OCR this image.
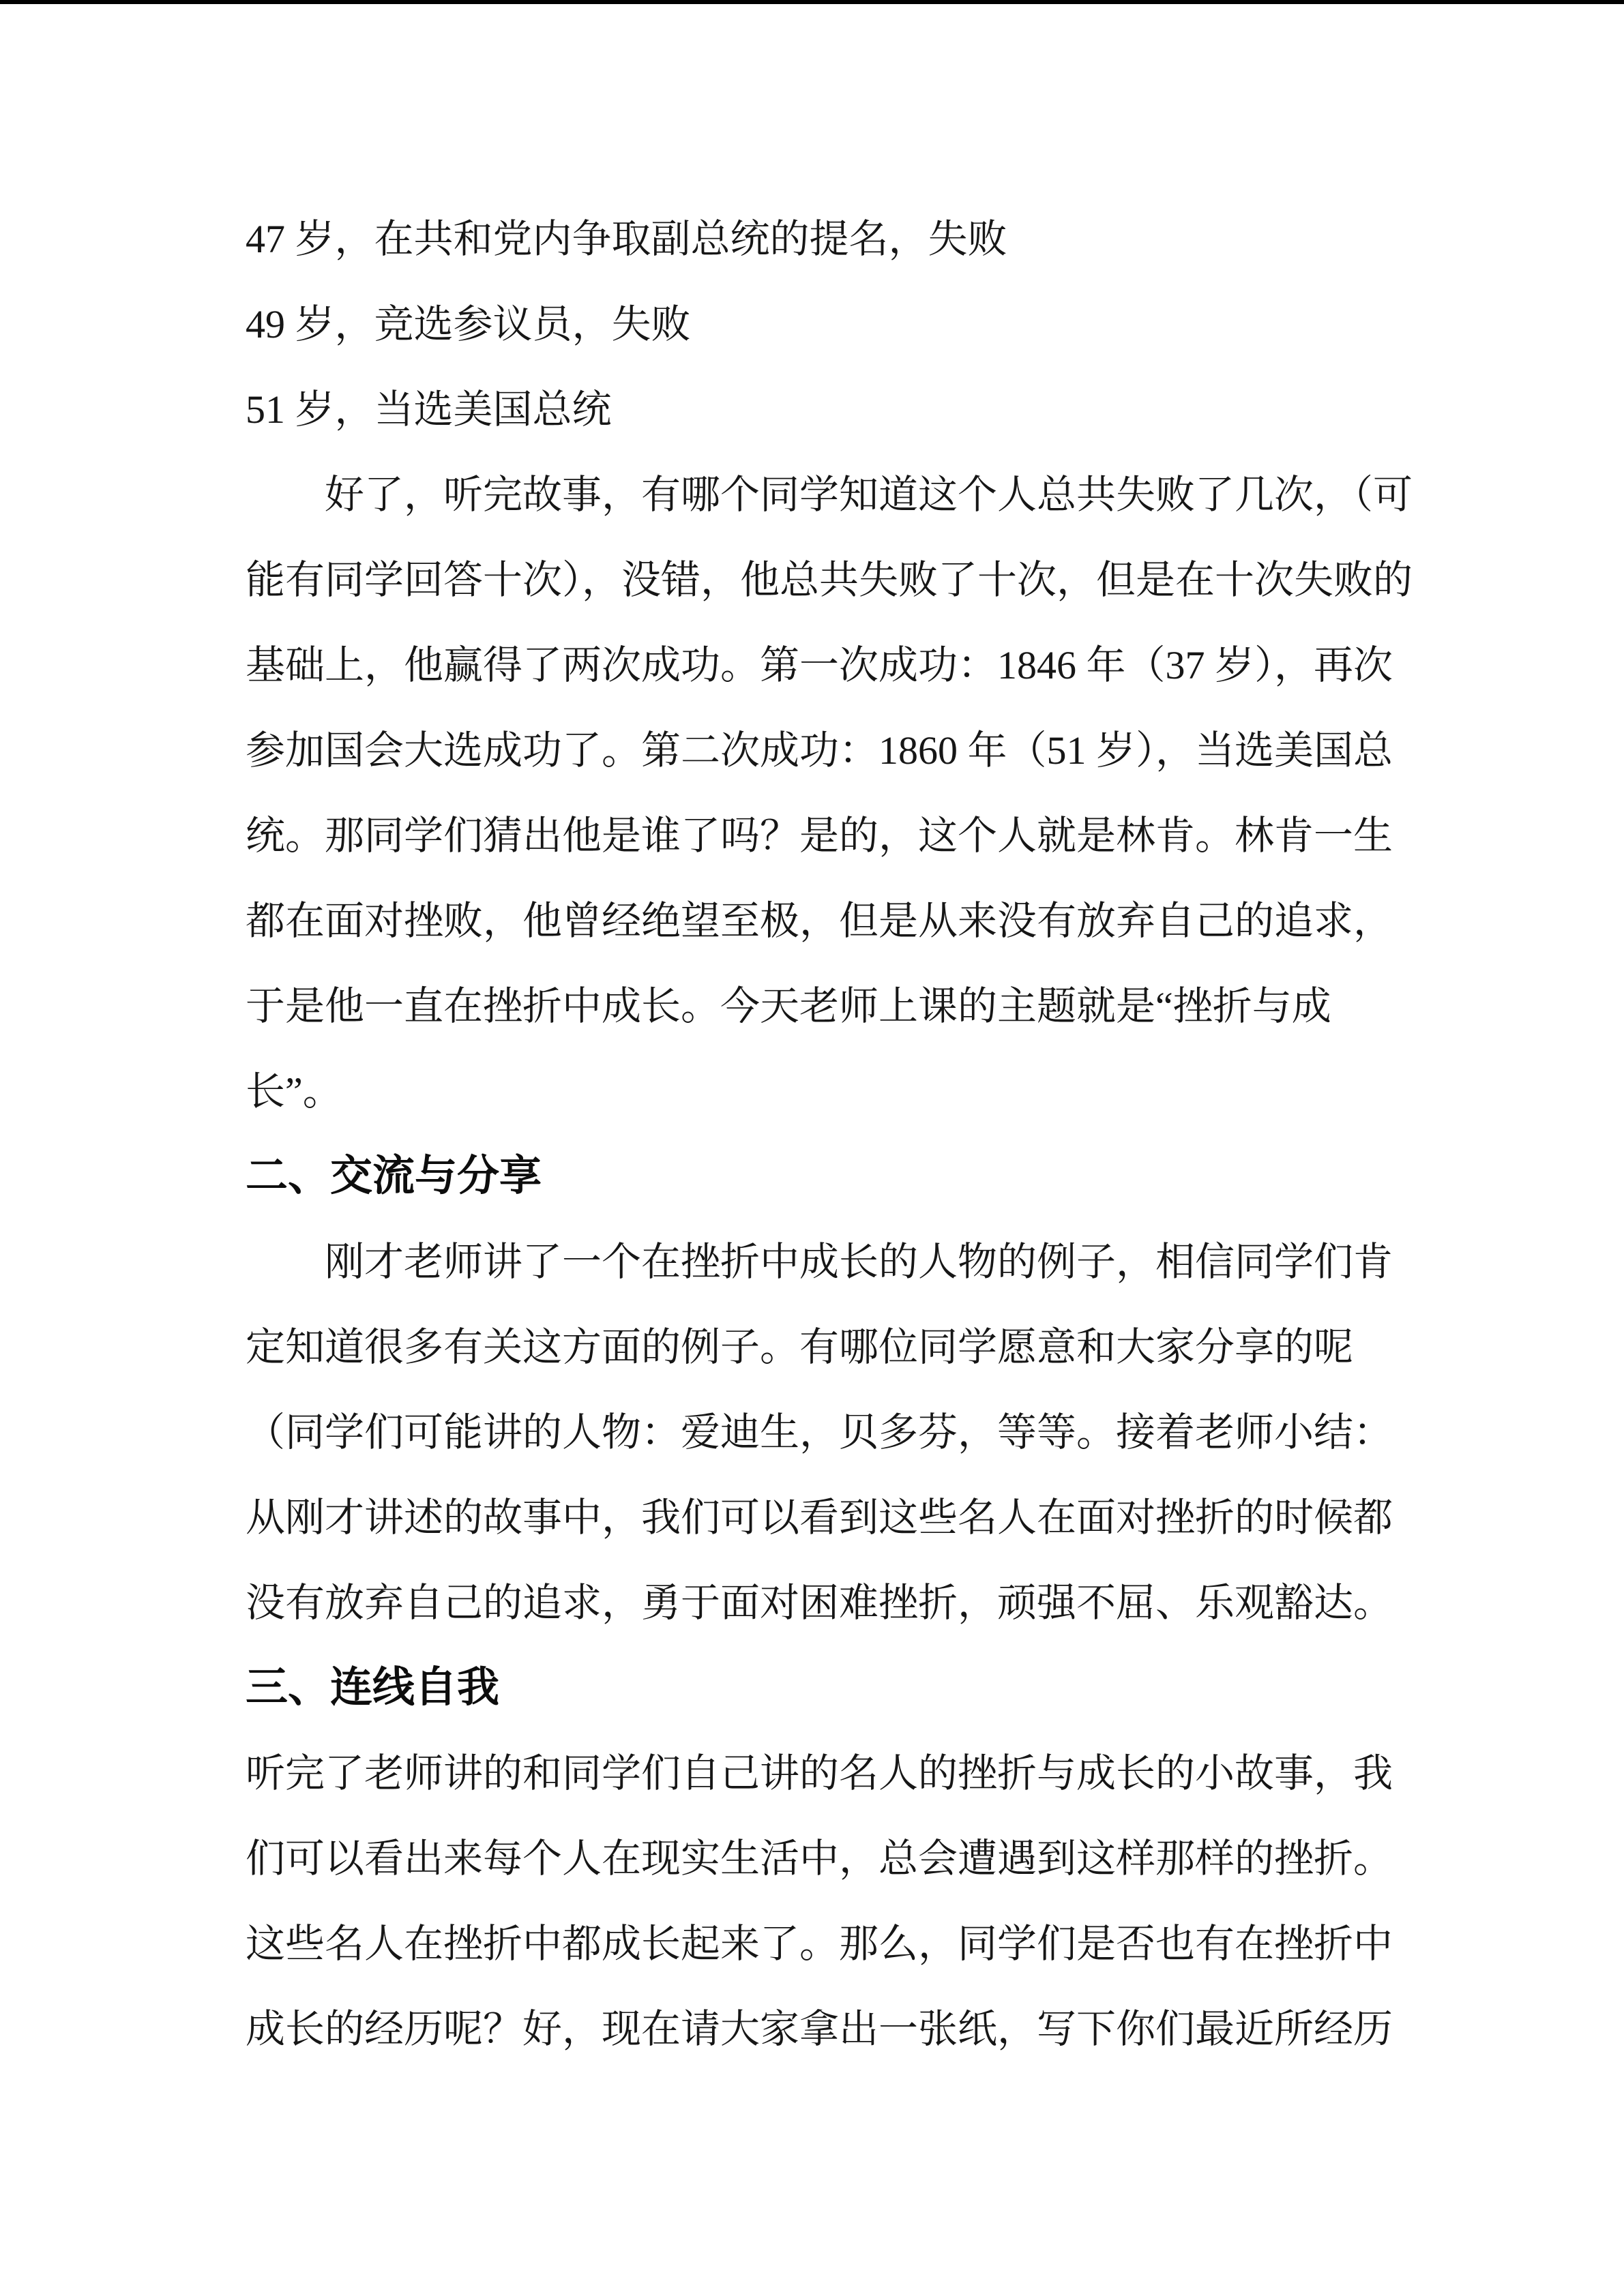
47 岁，在共和党内争取副总统的提名，失败
49 岁，竞选参议员，失败
51 岁，当选美国总统
好了，听完故事，有哪个同学知道这个人总共失败了几次，（可
能有同学回答十次），没错，他总共失败了十次，但是在十次失败的
基础上，他赢得了两次成功。第一次成功：1846 年（37 岁），再次
参加国会大选成功了。第二次成功：1860 年（51 岁），当选美国总
统。那同学们猜出他是谁了吗？是的，这个人就是林肯。林肯一生
都在面对挫败，他曾经绝望至极，但是从来没有放弃自己的追求，
于是他一直在挫折中成长。今天老师上课的主题就是“挫折与成
长”。
二、交流与分享
刚才老师讲了一个在挫折中成长的人物的例子，相信同学们肯
定知道很多有关这方面的例子。有哪位同学愿意和大家分享的呢
（同学们可能讲的人物：爱迪生，贝多芬，等等。接着老师小结：
从刚才讲述的故事中，我们可以看到这些名人在面对挫折的时候都
没有放弃自己的追求，勇于面对困难挫折，顽强不屈、乐观豁达。
三、连线自我
听完了老师讲的和同学们自己讲的名人的挫折与成长的小故事，我
们可以看出来每个人在现实生活中，总会遭遇到这样那样的挫折。
这些名人在挫折中都成长起来了。那么，同学们是否也有在挫折中
成长的经历呢？好，现在请大家拿出一张纸，写下你们最近所经历
